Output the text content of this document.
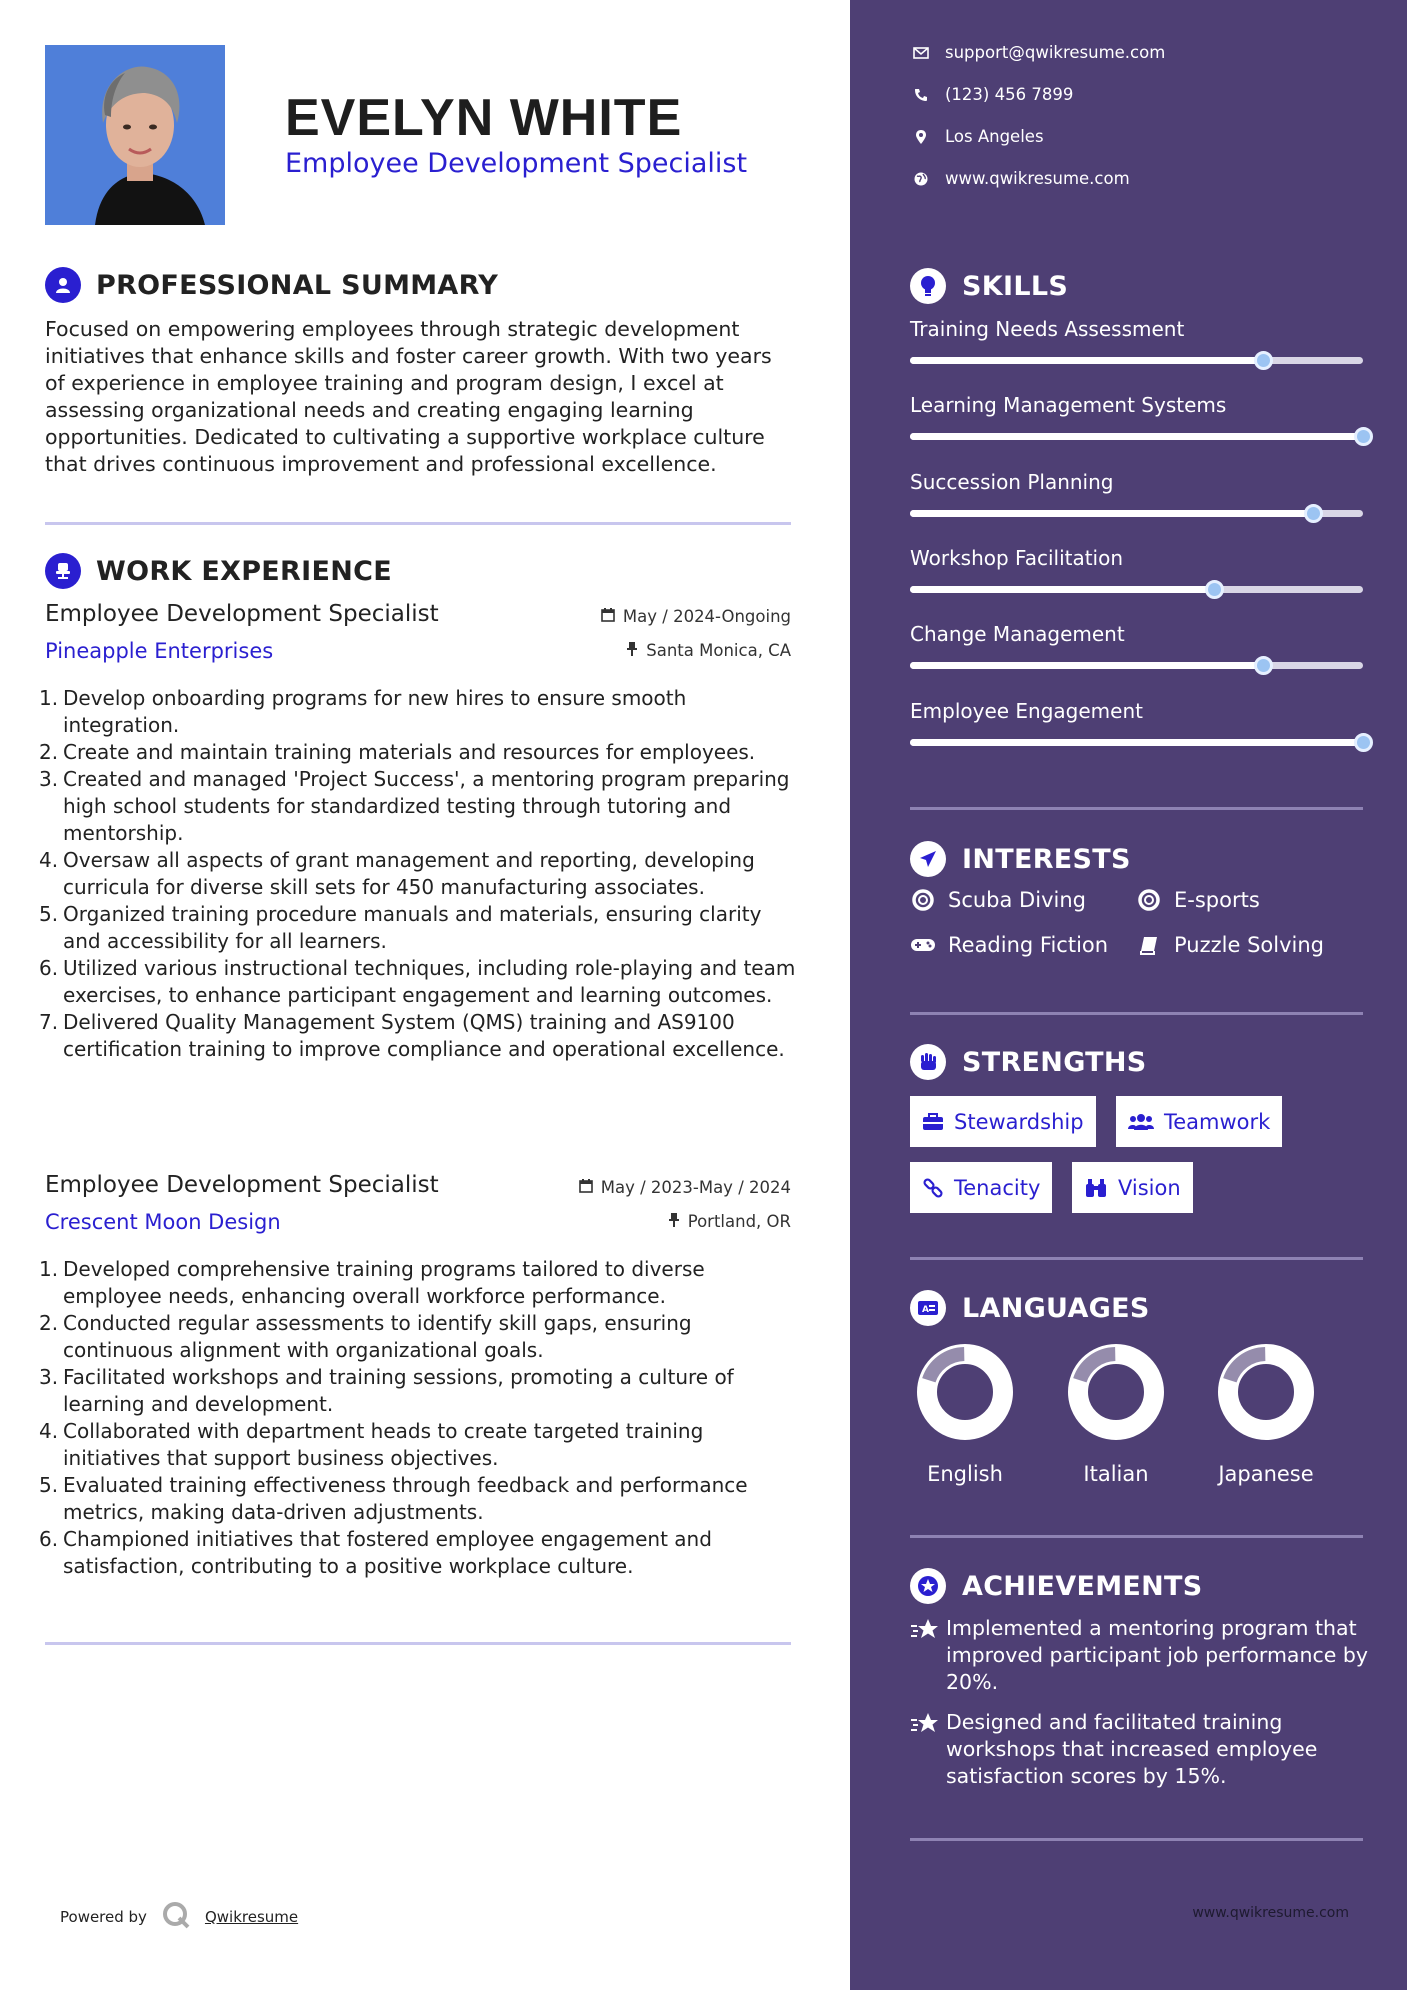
EVELYN WHITE
Employee Development Specialist
PROFESSIONAL SUMMARY
Focused on empowering employees through strategic development initiatives that enhance skills and foster career growth. With two years of experience in employee training and program design, I excel at assessing organizational needs and creating engaging learning opportunities. Dedicated to cultivating a supportive workplace culture that drives continuous improvement and professional excellence.
WORK EXPERIENCE
Employee Development Specialist
Pineapple Enterprises
May / 2024-Ongoing
Santa Monica, CA
1. Develop onboarding programs for new hires to ensure smooth integration.
2. Create and maintain training materials and resources for employees.
3. Created and managed 'Project Success', a mentoring program preparing high school students for standardized testing through tutoring and mentorship.
4. Oversaw all aspects of grant management and reporting, developing curricula for diverse skill sets for 450 manufacturing associates.
5. Organized training procedure manuals and materials, ensuring clarity and accessibility for all learners.
6. Utilized various instructional techniques, including role-playing and team exercises, to enhance participant engagement and learning outcomes.
7. Delivered Quality Management System (QMS) training and AS9100 certification training to improve compliance and operational excellence.
Employee Development Specialist
Crescent Moon Design
May / 2023-May / 2024
Portland, OR
1. Developed comprehensive training programs tailored to diverse employee needs, enhancing overall workforce performance.
2. Conducted regular assessments to identify skill gaps, ensuring continuous alignment with organizational goals.
3. Facilitated workshops and training sessions, promoting a culture of learning and development.
4. Collaborated with department heads to create targeted training initiatives that support business objectives.
5. Evaluated training effectiveness through feedback and performance metrics, making data-driven adjustments.
6. Championed initiatives that fostered employee engagement and satisfaction, contributing to a positive workplace culture.
Powered by	Qwikresume
support@qwikresume.com
(123) 456 7899
Los Angeles
www.qwikresume.com
SKILLS
Training Needs Assessment
Learning Management Systems
Succession Planning
Workshop Facilitation
Change Management
Employee Engagement
INTERESTS
Scuba Diving	E-sports
Reading Fiction	Puzzle Solving
STRENGTHS
Stewardship	Teamwork
Tenacity	Vision
A LANGUAGES
English	Italian	Japanese
ACHIEVEMENTS
Implemented a mentoring program that improved participant job performance by 20%.
Designed and facilitated training workshops that increased employee satisfaction scores by 15%.
www.qwikresume.com
